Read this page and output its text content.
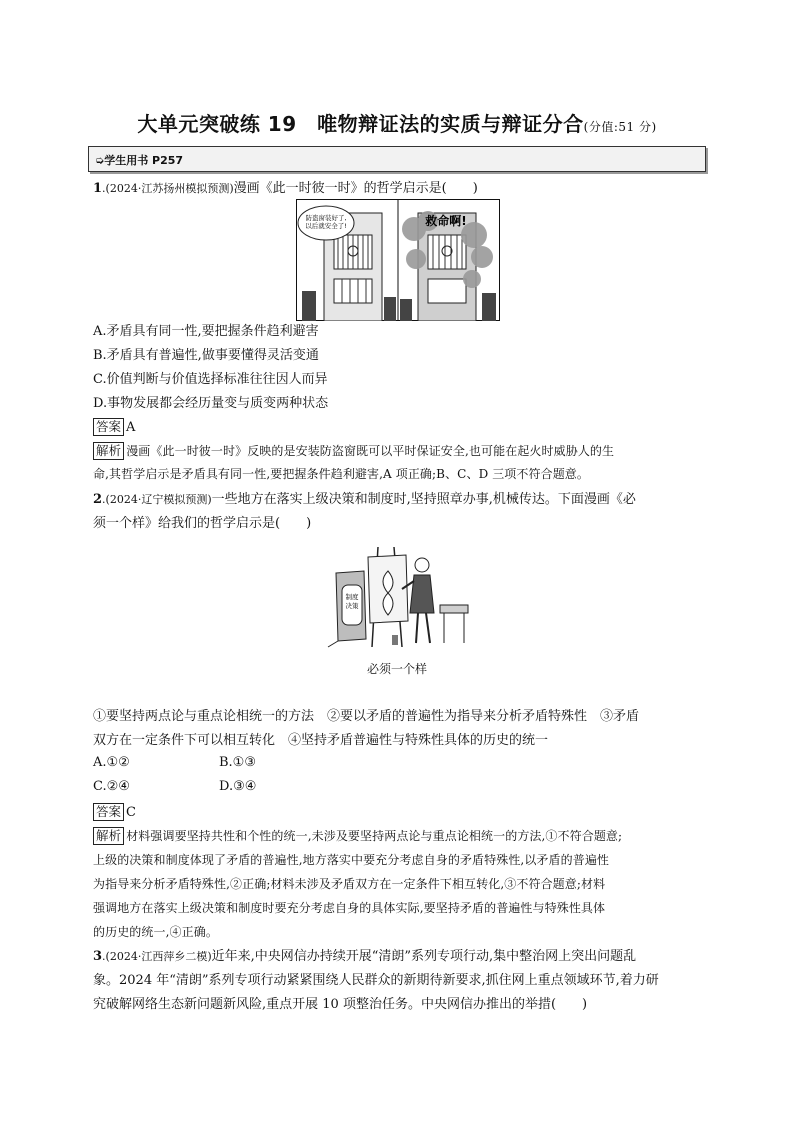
大单元突破练 19　唯物辩证法的实质与辩证分合(分值:51 分)
➭学生用书 P257
1.(2024·江苏扬州模拟预测)漫画《此一时彼一时》的哲学启示是(　　)
防盗窗装好了,以后就安全了!	救命啊!
A.矛盾具有同一性,要把握条件趋利避害
B.矛盾具有普遍性,做事要懂得灵活变通
C.价值判断与价值选择标准往往因人而异
D.事物发展都会经历量变与质变两种状态
答案 A
解析 漫画《此一时彼一时》反映的是安装防盗窗既可以平时保证安全,也可能在起火时威胁人的生
命,其哲学启示是矛盾具有同一性,要把握条件趋利避害,A 项正确;B、C、D 三项不符合题意。
2.(2024·辽宁模拟预测)一些地方在落实上级决策和制度时,坚持照章办事,机械传达。下面漫画《必
须一个样》给我们的哲学启示是(　　)
制度决策
必须一个样
①要坚持两点论与重点论相统一的方法　②要以矛盾的普遍性为指导来分析矛盾特殊性　③矛盾
双方在一定条件下可以相互转化　④坚持矛盾普遍性与特殊性具体的历史的统一
A.①②	B.①③
C.②④	D.③④
答案 C
解析 材料强调要坚持共性和个性的统一,未涉及要坚持两点论与重点论相统一的方法,①不符合题意;
上级的决策和制度体现了矛盾的普遍性,地方落实中要充分考虑自身的矛盾特殊性,以矛盾的普遍性
为指导来分析矛盾特殊性,②正确;材料未涉及矛盾双方在一定条件下相互转化,③不符合题意;材料
强调地方在落实上级决策和制度时要充分考虑自身的具体实际,要坚持矛盾的普遍性与特殊性具体
的历史的统一,④正确。
3.(2024·江西萍乡二模)近年来,中央网信办持续开展“清朗”系列专项行动,集中整治网上突出问题乱
象。2024 年“清朗”系列专项行动紧紧围绕人民群众的新期待新要求,抓住网上重点领域环节,着力研
究破解网络生态新问题新风险,重点开展 10 项整治任务。中央网信办推出的举措(　　)
